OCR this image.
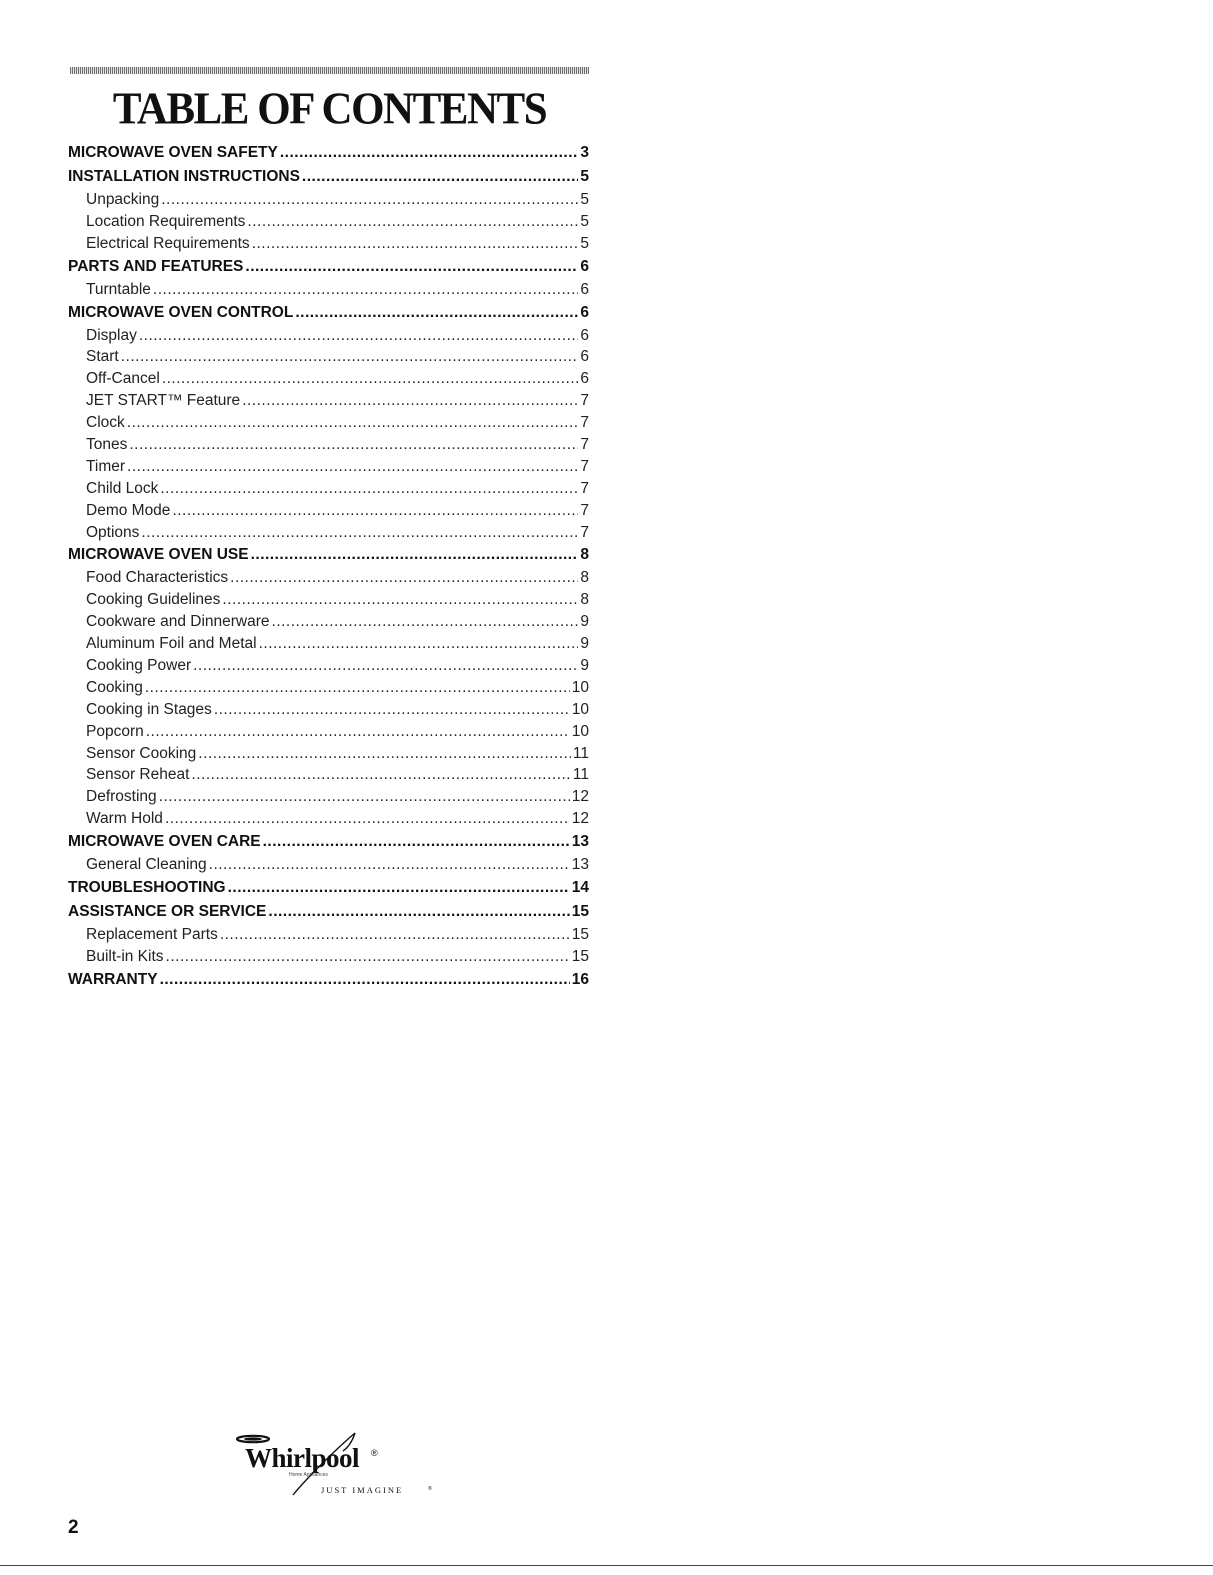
TABLE OF CONTENTS
MICROWAVE OVEN SAFETY .....	3
INSTALLATION INSTRUCTIONS .....	5
Unpacking .....	5
Location Requirements .....	5
Electrical Requirements .....	5
PARTS AND FEATURES .....	6
Turntable .....	6
MICROWAVE OVEN CONTROL .....	6
Display .....	6
Start .....	6
Off-Cancel .....	6
JET START™ Feature .....	7
Clock .....	7
Tones .....	7
Timer .....	7
Child Lock .....	7
Demo Mode .....	7
Options .....	7
MICROWAVE OVEN USE .....	8
Food Characteristics .....	8
Cooking Guidelines .....	8
Cookware and Dinnerware .....	9
Aluminum Foil and Metal .....	9
Cooking Power .....	9
Cooking .....	10
Cooking in Stages .....	10
Popcorn .....	10
Sensor Cooking .....	11
Sensor Reheat .....	11
Defrosting .....	12
Warm Hold .....	12
MICROWAVE OVEN CARE .....	13
General Cleaning .....	13
TROUBLESHOOTING .....	14
ASSISTANCE OR SERVICE .....	15
Replacement Parts .....	15
Built-in Kits .....	15
WARRANTY .....	16
Whirlpool ®
Home Appliances
JUST IMAGINE	®
2
